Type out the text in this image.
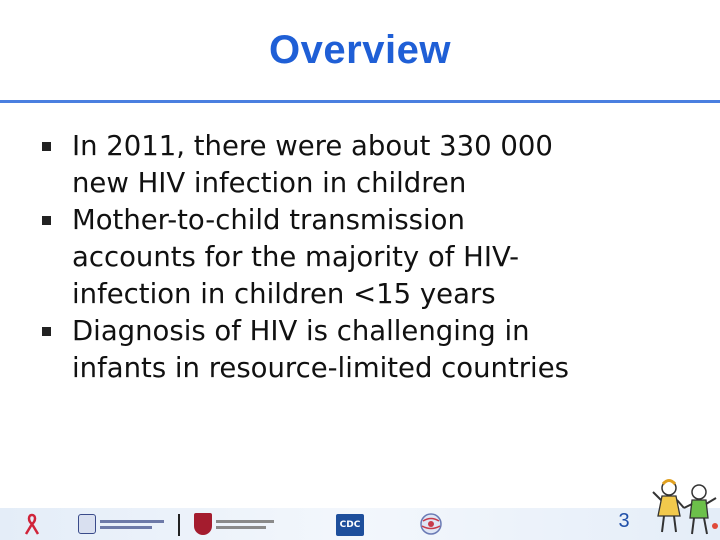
Overview
In 2011, there were about 330 000
new HIV infection in children
Mother-to-child transmission
accounts for the majority of HIV-
infection in children <15 years
Diagnosis of HIV is challenging in
infants in resource-limited countries
CDC	3
